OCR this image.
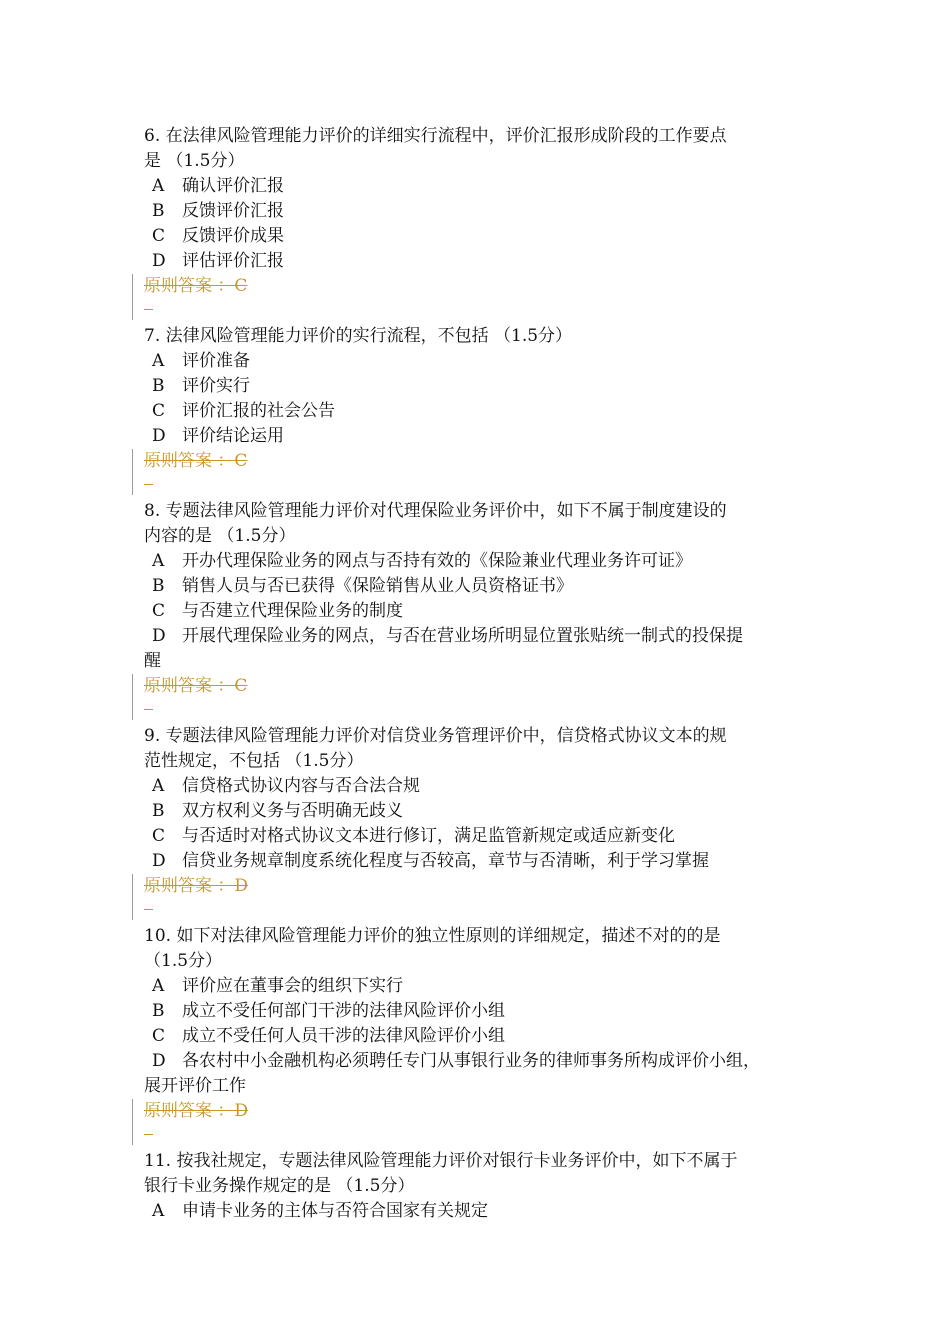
6. 在法律风险管理能力评价的详细实行流程中，评价汇报形成阶段的工作要点
是 （1.5分）
A 确认评价汇报
B 反馈评价汇报
C 反馈评价成果
D 评估评价汇报
原则答案 ：C
7. 法律风险管理能力评价的实行流程，不包括 （1.5分）
A 评价准备
B 评价实行
C 评价汇报的社会公告
D 评价结论运用
原则答案 ：C
8. 专题法律风险管理能力评价对代理保险业务评价中，如下不属于制度建设的
内容的是 （1.5分）
A 开办代理保险业务的网点与否持有效的《保险兼业代理业务许可证》
B 销售人员与否已获得《保险销售从业人员资格证书》
C 与否建立代理保险业务的制度
D 开展代理保险业务的网点，与否在营业场所明显位置张贴统一制式的投保提
醒
原则答案 ：C
9. 专题法律风险管理能力评价对信贷业务管理评价中，信贷格式协议文本的规
范性规定，不包括 （1.5分）
A 信贷格式协议内容与否合法合规
B 双方权利义务与否明确无歧义
C 与否适时对格式协议文本进行修订，满足监管新规定或适应新变化
D 信贷业务规章制度系统化程度与否较高，章节与否清晰，利于学习掌握
原则答案 ：D
10. 如下对法律风险管理能力评价的独立性原则的详细规定，描述不对的的是
（1.5分）
A 评价应在董事会的组织下实行
B 成立不受任何部门干涉的法律风险评价小组
C 成立不受任何人员干涉的法律风险评价小组
D 各农村中小金融机构必须聘任专门从事银行业务的律师事务所构成评价小组，
展开评价工作
原则答案 ：D
11. 按我社规定，专题法律风险管理能力评价对银行卡业务评价中，如下不属于
银行卡业务操作规定的是 （1.5分）
A 申请卡业务的主体与否符合国家有关规定
